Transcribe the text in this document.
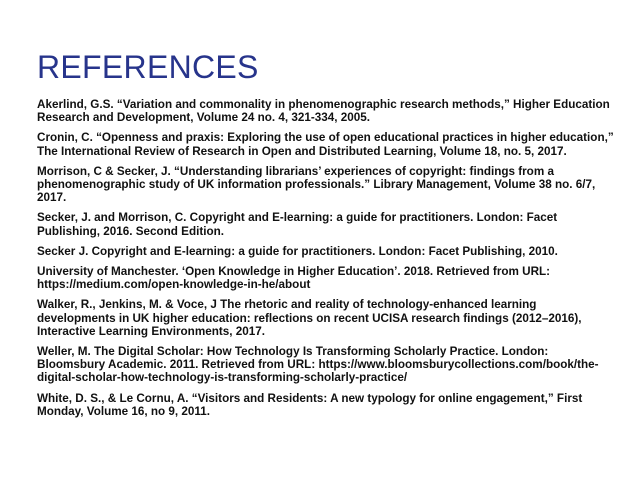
REFERENCES
Akerlind, G.S. “Variation and commonality in phenomenographic research methods,” Higher Education Research and Development, Volume 24 no. 4, 321-334, 2005.
Cronin, C. “Openness and praxis: Exploring the use of open educational practices in higher education,” The International Review of Research in Open and Distributed Learning, Volume 18, no. 5, 2017.
Morrison, C & Secker, J. “Understanding librarians’ experiences of copyright: findings from a phenomenographic study of UK information professionals.” Library Management, Volume 38 no. 6/7, 2017.
Secker, J. and Morrison, C. Copyright and E-learning: a guide for practitioners. London: Facet Publishing, 2016. Second Edition.
Secker J. Copyright and E-learning: a guide for practitioners. London: Facet Publishing, 2010.
University of Manchester. ‘Open Knowledge in Higher Education’. 2018. Retrieved from URL: https://medium.com/open-knowledge-in-he/about
Walker, R., Jenkins, M. & Voce, J The rhetoric and reality of technology-enhanced learning developments in UK higher education: reflections on recent UCISA research findings (2012–2016), Interactive Learning Environments, 2017.
Weller, M. The Digital Scholar: How Technology Is Transforming Scholarly Practice. London: Bloomsbury Academic. 2011. Retrieved from URL: https://www.bloomsburycollections.com/book/the-digital-scholar-how-technology-is-transforming-scholarly-practice/
White, D. S., & Le Cornu, A. “Visitors and Residents: A new typology for online engagement,” First Monday, Volume 16, no 9, 2011.
